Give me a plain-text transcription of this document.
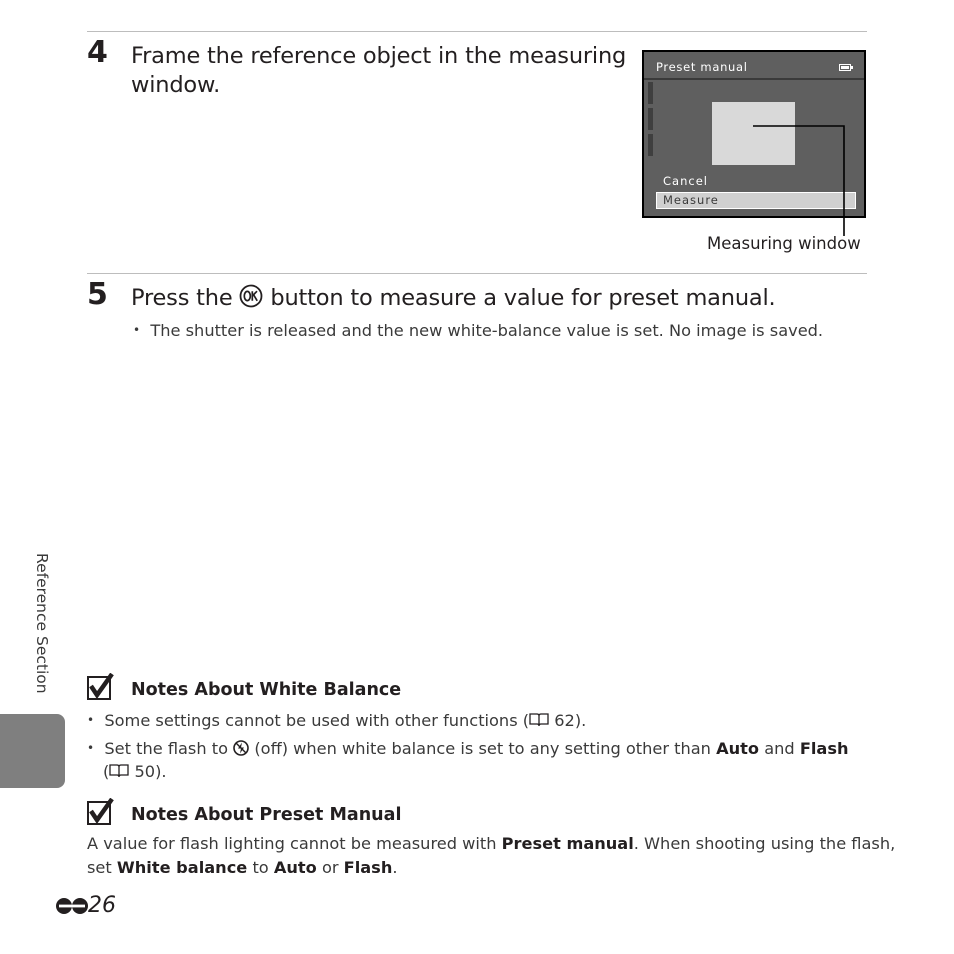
4 Frame the reference object in the measuring
window.
Preset manual
Cancel
Measure
Measuring window
5 Press the button to measure a value for preset manual.
• The shutter is released and the new white-balance value is set. No image is saved.
Reference Section	Notes About White Balance
• Some settings cannot be used with other functions ( 62).
• Set the flash to (off) when white balance is set to any setting other than Auto and Flash
( 50).
Notes About Preset Manual
A value for flash lighting cannot be measured with Preset manual. When shooting using the flash,
set White balance to Auto or Flash.
26
